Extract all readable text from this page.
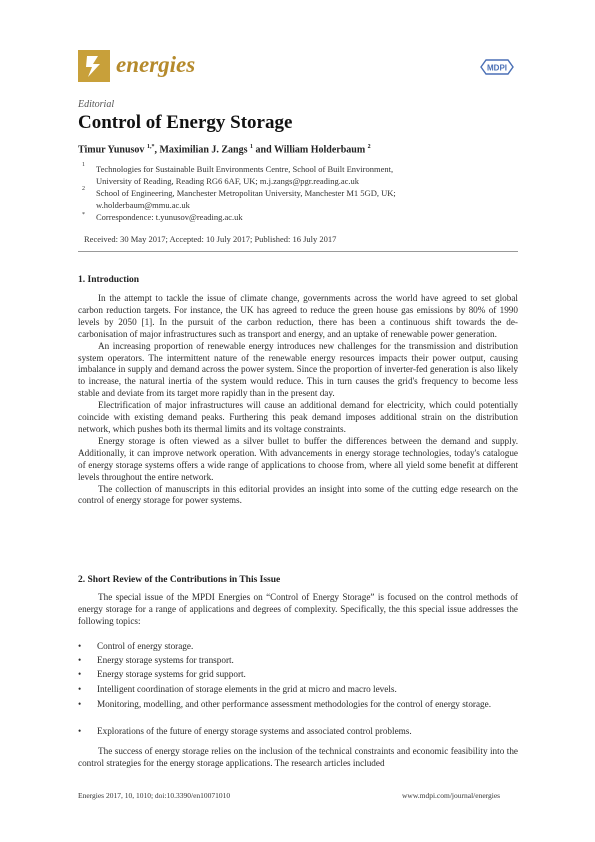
energies	MDPI
Editorial
Control of Energy Storage
Timur Yunusov $^{1,*}$, Maximilian J. Zangs $^1$ and William Holderbaum $^2$
1 Technologies for Sustainable Built Environments Centre, School of Built Environment,
University of Reading, Reading RG6 6AF, UK; m.j.zangs@pgr.reading.ac.uk
2 School of Engineering, Manchester Metropolitan University, Manchester M1 5GD, UK;
w.holderbaum@mmu.ac.uk
* Correspondence: t.yunusov@reading.ac.uk
Received: 30 May 2017; Accepted: 10 July 2017; Published: 16 July 2017
1. Introduction

In the attempt to tackle the issue of climate change, governments across the world have agreed to set global carbon reduction targets. For instance, the UK has agreed to reduce the green house gas emissions by 80% of 1990 levels by 2050 [1]. In the pursuit of the carbon reduction, there has been a continuous shift towards the de-carbonisation of major infrastructures such as transport and energy, and an uptake of renewable power generation.

An increasing proportion of renewable energy introduces new challenges for the transmission and distribution system operators. The intermittent nature of the renewable energy resources impacts their power output, causing imbalance in supply and demand across the power system. Since the proportion of inverter-fed generation is also likely to increase, the natural inertia of the system would reduce. This in turn causes the grid's frequency to become less stable and deviate from its target more rapidly than in the present day.

Electrification of major infrastructures will cause an additional demand for electricity, which could potentially coincide with existing demand peaks. Furthering this peak demand imposes additional strain on the distribution network, which pushes both its thermal limits and its voltage constraints.

Energy storage is often viewed as a silver bullet to buffer the differences between the demand and supply. Additionally, it can improve network operation. With advancements in energy storage technologies, today's catalogue of energy storage systems offers a wide range of applications to choose from, where all yield some benefit at different levels throughout the entire network.

The collection of manuscripts in this editorial provides an insight into some of the cutting edge research on the control of energy storage for power systems.

2. Short Review of the Contributions in This Issue

The special issue of the MPDI Energies on “Control of Energy Storage” is focused on the control methods of energy storage for a range of applications and degrees of complexity. Specifically, the this special issue addresses the following topics:

• Control of energy storage.
• Energy storage systems for transport.
• Energy storage systems for grid support.
• Intelligent coordination of storage elements in the grid at micro and macro levels.
• Monitoring, modelling, and other performance assessment methodologies for the control of energy storage.
• Explorations of the future of energy storage systems and associated control problems.

The success of energy storage relies on the inclusion of the technical constraints and economic feasibility into the control strategies for the energy storage applications. The research articles included

Energies 2017, 10, 1010; doi:10.3390/en10071010	www.mdpi.com/journal/energies
